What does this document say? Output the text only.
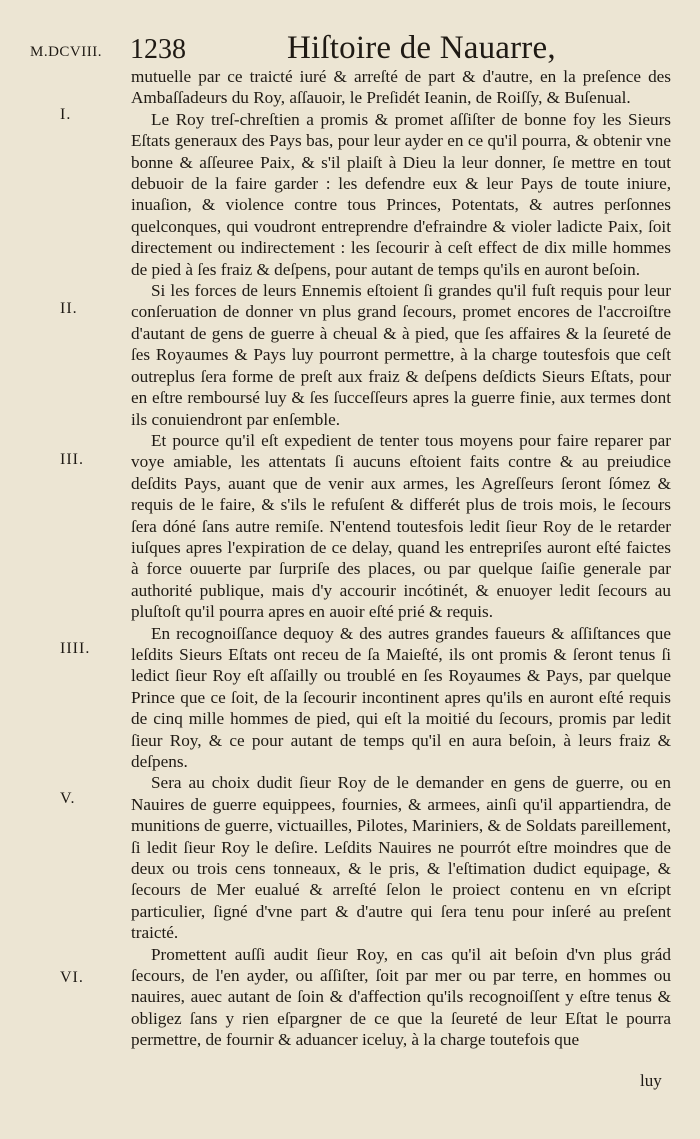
M.DCVIII. 1238	Hiſtoire de Nauarre,
I.
II.
III.
IIII.
V.
VI.

mutuelle par ce traicté iuré & arreſté de part & d'autre, en la preſence des Ambaſſadeurs du Roy, aſſauoir, le Preſidét Ieanin, de Roiſſy, & Buſenual.

Le Roy treſ-chreſtien a promis & promet aſſiſter de bonne foy les Sieurs Eſtats generaux des Pays bas, pour leur ayder en ce qu'il pourra, & obtenir vne bonne & aſſeuree Paix, & s'il plaiſt à Dieu la leur donner, ſe mettre en tout debuoir de la faire garder : les defendre eux & leur Pays de toute iniure, inuaſion, & violence contre tous Princes, Potentats, & autres perſonnes quelconques, qui voudront entreprendre d'efraindre & violer ladicte Paix, ſoit directement ou indirectement : les ſecourir à ceſt effect de dix mille hommes de pied à ſes fraiz & deſpens, pour autant de temps qu'ils en auront beſoin.

Si les forces de leurs Ennemis eſtoient ſi grandes qu'il fuſt requis pour leur conſeruation de donner vn plus grand ſecours, promet encores de l'accroiſtre d'autant de gens de guerre à cheual & à pied, que ſes affaires & la ſeureté de ſes Royaumes & Pays luy pourront permettre, à la charge toutesfois que ceſt outreplus ſera forme de preſt aux fraiz & deſpens deſdicts Sieurs Eſtats, pour en eſtre remboursé luy & ſes ſucceſſeurs apres la guerre finie, aux termes dont ils conuiendront par enſemble.

Et pource qu'il eſt expedient de tenter tous moyens pour faire reparer par voye amiable, les attentats ſi aucuns eſtoient faits contre & au preiudice deſdits Pays, auant que de venir aux armes, les Agreſſeurs ſeront ſómez & requis de le faire, & s'ils le refuſent & differét plus de trois mois, le ſecours ſera dóné ſans autre remiſe. N'entend toutesfois ledit ſieur Roy de le retarder iuſques apres l'expiration de ce delay, quand les entrepriſes auront eſté faictes à force ouuerte par ſurpriſe des places, ou par quelque ſaiſie generale par authorité publique, mais d'y accourir incótinét, & enuoyer ledit ſecours au pluſtoſt qu'il pourra apres en auoir eſté prié & requis.

En recognoiſſance dequoy & des autres grandes faueurs & aſſiſtances que leſdits Sieurs Eſtats ont receu de ſa Maieſté, ils ont promis & ſeront tenus ſi ledict ſieur Roy eſt aſſailly ou troublé en ſes Royaumes & Pays, par quelque Prince que ce ſoit, de la ſecourir incontinent apres qu'ils en auront eſté requis de cinq mille hommes de pied, qui eſt la moitié du ſecours, promis par ledit ſieur Roy, & ce pour autant de temps qu'il en aura beſoin, à leurs fraiz & deſpens.

Sera au choix dudit ſieur Roy de le demander en gens de guerre, ou en Nauires de guerre equippees, fournies, & armees, ainſi qu'il appartiendra, de munitions de guerre, victuailles, Pilotes, Mariniers, & de Soldats pareillement, ſi ledit ſieur Roy le deſire. Leſdits Nauires ne pourrót eſtre moindres que de deux ou trois cens tonneaux, & le pris, & l'eſtimation dudict equipage, & ſecours de Mer eualué & arreſté ſelon le proiect contenu en vn eſcript particulier, ſigné d'vne part & d'autre qui ſera tenu pour inſeré au preſent traicté.

Promettent auſſi audit ſieur Roy, en cas qu'il ait beſoin d'vn plus grád ſecours, de l'en ayder, ou aſſiſter, ſoit par mer ou par terre, en hommes ou nauires, auec autant de ſoin & d'affection qu'ils recognoiſſent y eſtre tenus & obligez ſans y rien eſpargner de ce que la ſeureté de leur Eſtat le pourra permettre, de fournir & aduancer iceluy, à la charge toutefois que

luy
